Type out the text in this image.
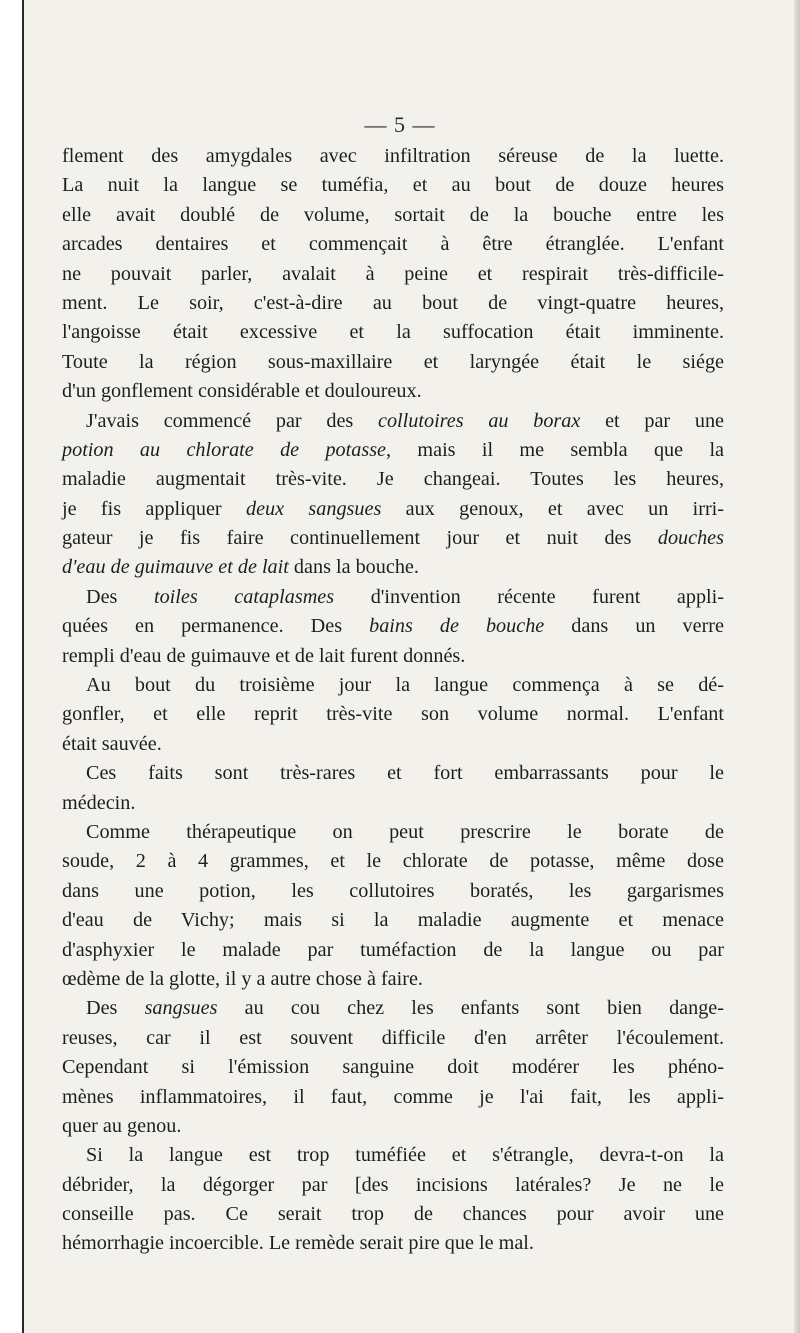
— 5 —
flement des amygdales avec infiltration séreuse de la luette.
La nuit la langue se tuméfia, et au bout de douze heures
elle avait doublé de volume, sortait de la bouche entre les
arcades dentaires et commençait à être étranglée. L'enfant
ne pouvait parler, avalait à peine et respirait très-difficile-
ment. Le soir, c'est-à-dire au bout de vingt-quatre heures,
l'angoisse était excessive et la suffocation était imminente.
Toute la région sous-maxillaire et laryngée était le siége
d'un gonflement considérable et douloureux.
J'avais commencé par des collutoires au borax et par une
potion au chlorate de potasse, mais il me sembla que la
maladie augmentait très-vite. Je changeai. Toutes les heures,
je fis appliquer deux sangsues aux genoux, et avec un irri-
gateur je fis faire continuellement jour et nuit des douches
d'eau de guimauve et de lait dans la bouche.
Des toiles cataplasmes d'invention récente furent appli-
quées en permanence. Des bains de bouche dans un verre
rempli d'eau de guimauve et de lait furent donnés.
Au bout du troisième jour la langue commença à se dé-
gonfler, et elle reprit très-vite son volume normal. L'enfant
était sauvée.
Ces faits sont très-rares et fort embarrassants pour le
médecin.
Comme thérapeutique on peut prescrire le borate de
soude, 2 à 4 grammes, et le chlorate de potasse, même dose
dans une potion, les collutoires boratés, les gargarismes
d'eau de Vichy; mais si la maladie augmente et menace
d'asphyxier le malade par tuméfaction de la langue ou par
œdème de la glotte, il y a autre chose à faire.
Des sangsues au cou chez les enfants sont bien dange-
reuses, car il est souvent difficile d'en arrêter l'écoulement.
Cependant si l'émission sanguine doit modérer les phéno-
mènes inflammatoires, il faut, comme je l'ai fait, les appli-
quer au genou.
Si la langue est trop tuméfiée et s'étrangle, devra-t-on la
débrider, la dégorger par [des incisions latérales? Je ne le
conseille pas. Ce serait trop de chances pour avoir une
hémorrhagie incoercible. Le remède serait pire que le mal.
